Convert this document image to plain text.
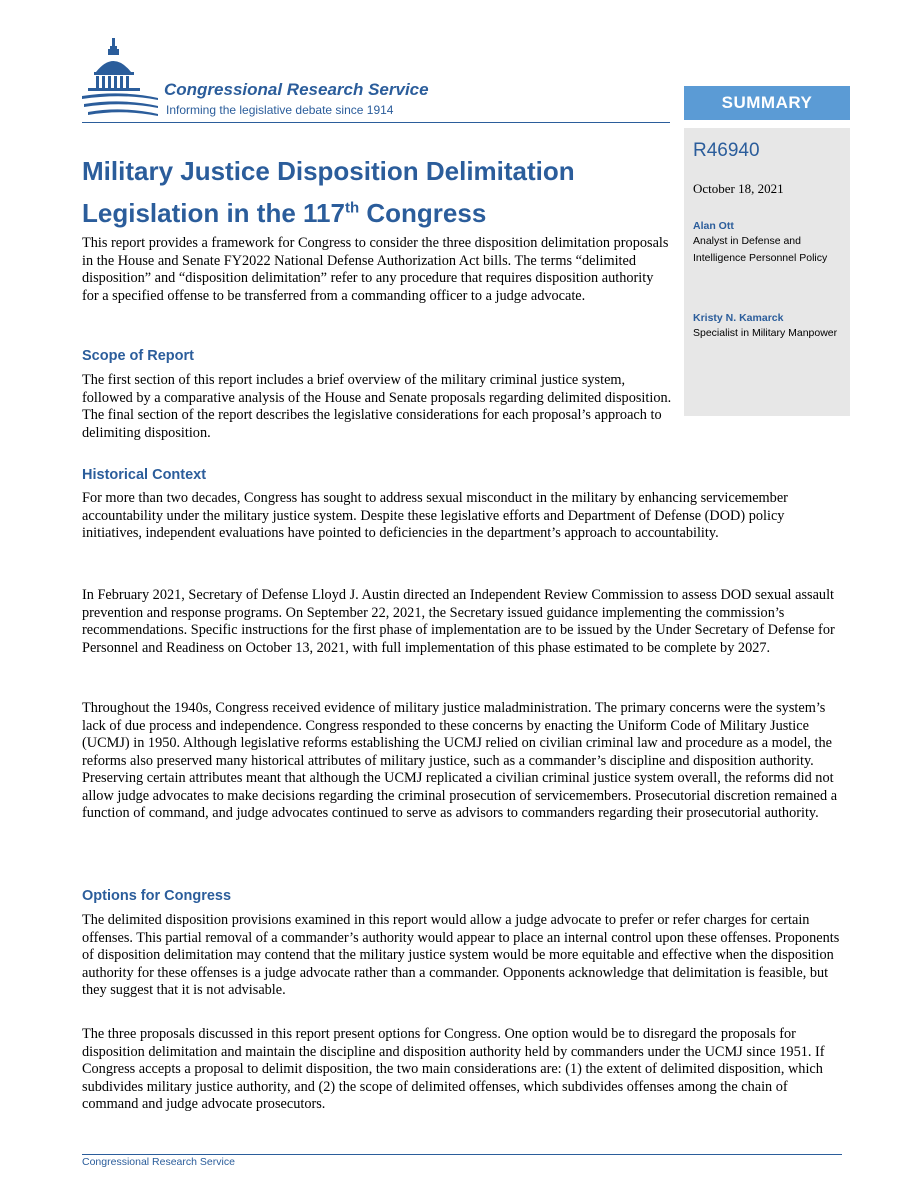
Congressional Research Service
Informing the legislative debate since 1914	SUMMARY
R46940
October 18, 2021
Alan Ott
Analyst in Defense and Intelligence Personnel Policy
Kristy N. Kamarck
Specialist in Military Manpower
Military Justice Disposition Delimitation Legislation in the 117th Congress

This report provides a framework for Congress to consider the three disposition delimitation proposals in the House and Senate FY2022 National Defense Authorization Act bills. The terms “delimited disposition” and “disposition delimitation” refer to any procedure that requires disposition authority for a specified offense to be transferred from a commanding officer to a judge advocate.

Scope of Report

The first section of this report includes a brief overview of the military criminal justice system, followed by a comparative analysis of the House and Senate proposals regarding delimited disposition. The final section of the report describes the legislative considerations for each proposal’s approach to delimiting disposition.

Historical Context

For more than two decades, Congress has sought to address sexual misconduct in the military by enhancing servicemember accountability under the military justice system. Despite these legislative efforts and Department of Defense (DOD) policy initiatives, independent evaluations have pointed to deficiencies in the department’s approach to accountability.

In February 2021, Secretary of Defense Lloyd J. Austin directed an Independent Review Commission to assess DOD sexual assault prevention and response programs. On September 22, 2021, the Secretary issued guidance implementing the commission’s recommendations. Specific instructions for the first phase of implementation are to be issued by the Under Secretary of Defense for Personnel and Readiness on October 13, 2021, with full implementation of this phase estimated to be complete by 2027.

Throughout the 1940s, Congress received evidence of military justice maladministration. The primary concerns were the system’s lack of due process and independence. Congress responded to these concerns by enacting the Uniform Code of Military Justice (UCMJ) in 1950. Although legislative reforms establishing the UCMJ relied on civilian criminal law and procedure as a model, the reforms also preserved many historical attributes of military justice, such as a commander’s discipline and disposition authority. Preserving certain attributes meant that although the UCMJ replicated a civilian criminal justice system overall, the reforms did not allow judge advocates to make decisions regarding the criminal prosecution of servicemembers. Prosecutorial discretion remained a function of command, and judge advocates continued to serve as advisors to commanders regarding their prosecutorial authority.

Options for Congress

The delimited disposition provisions examined in this report would allow a judge advocate to prefer or refer charges for certain offenses. This partial removal of a commander’s authority would appear to place an internal control upon these offenses. Proponents of disposition delimitation may contend that the military justice system would be more equitable and effective when the disposition authority for these offenses is a judge advocate rather than a commander. Opponents acknowledge that delimitation is feasible, but they suggest that it is not advisable.

The three proposals discussed in this report present options for Congress. One option would be to disregard the proposals for disposition delimitation and maintain the discipline and disposition authority held by commanders under the UCMJ since 1951. If Congress accepts a proposal to delimit disposition, the two main considerations are: (1) the extent of delimited disposition, which subdivides military justice authority, and (2) the scope of delimited offenses, which subdivides offenses among the chain of command and judge advocate prosecutors.

Congressional Research Service
